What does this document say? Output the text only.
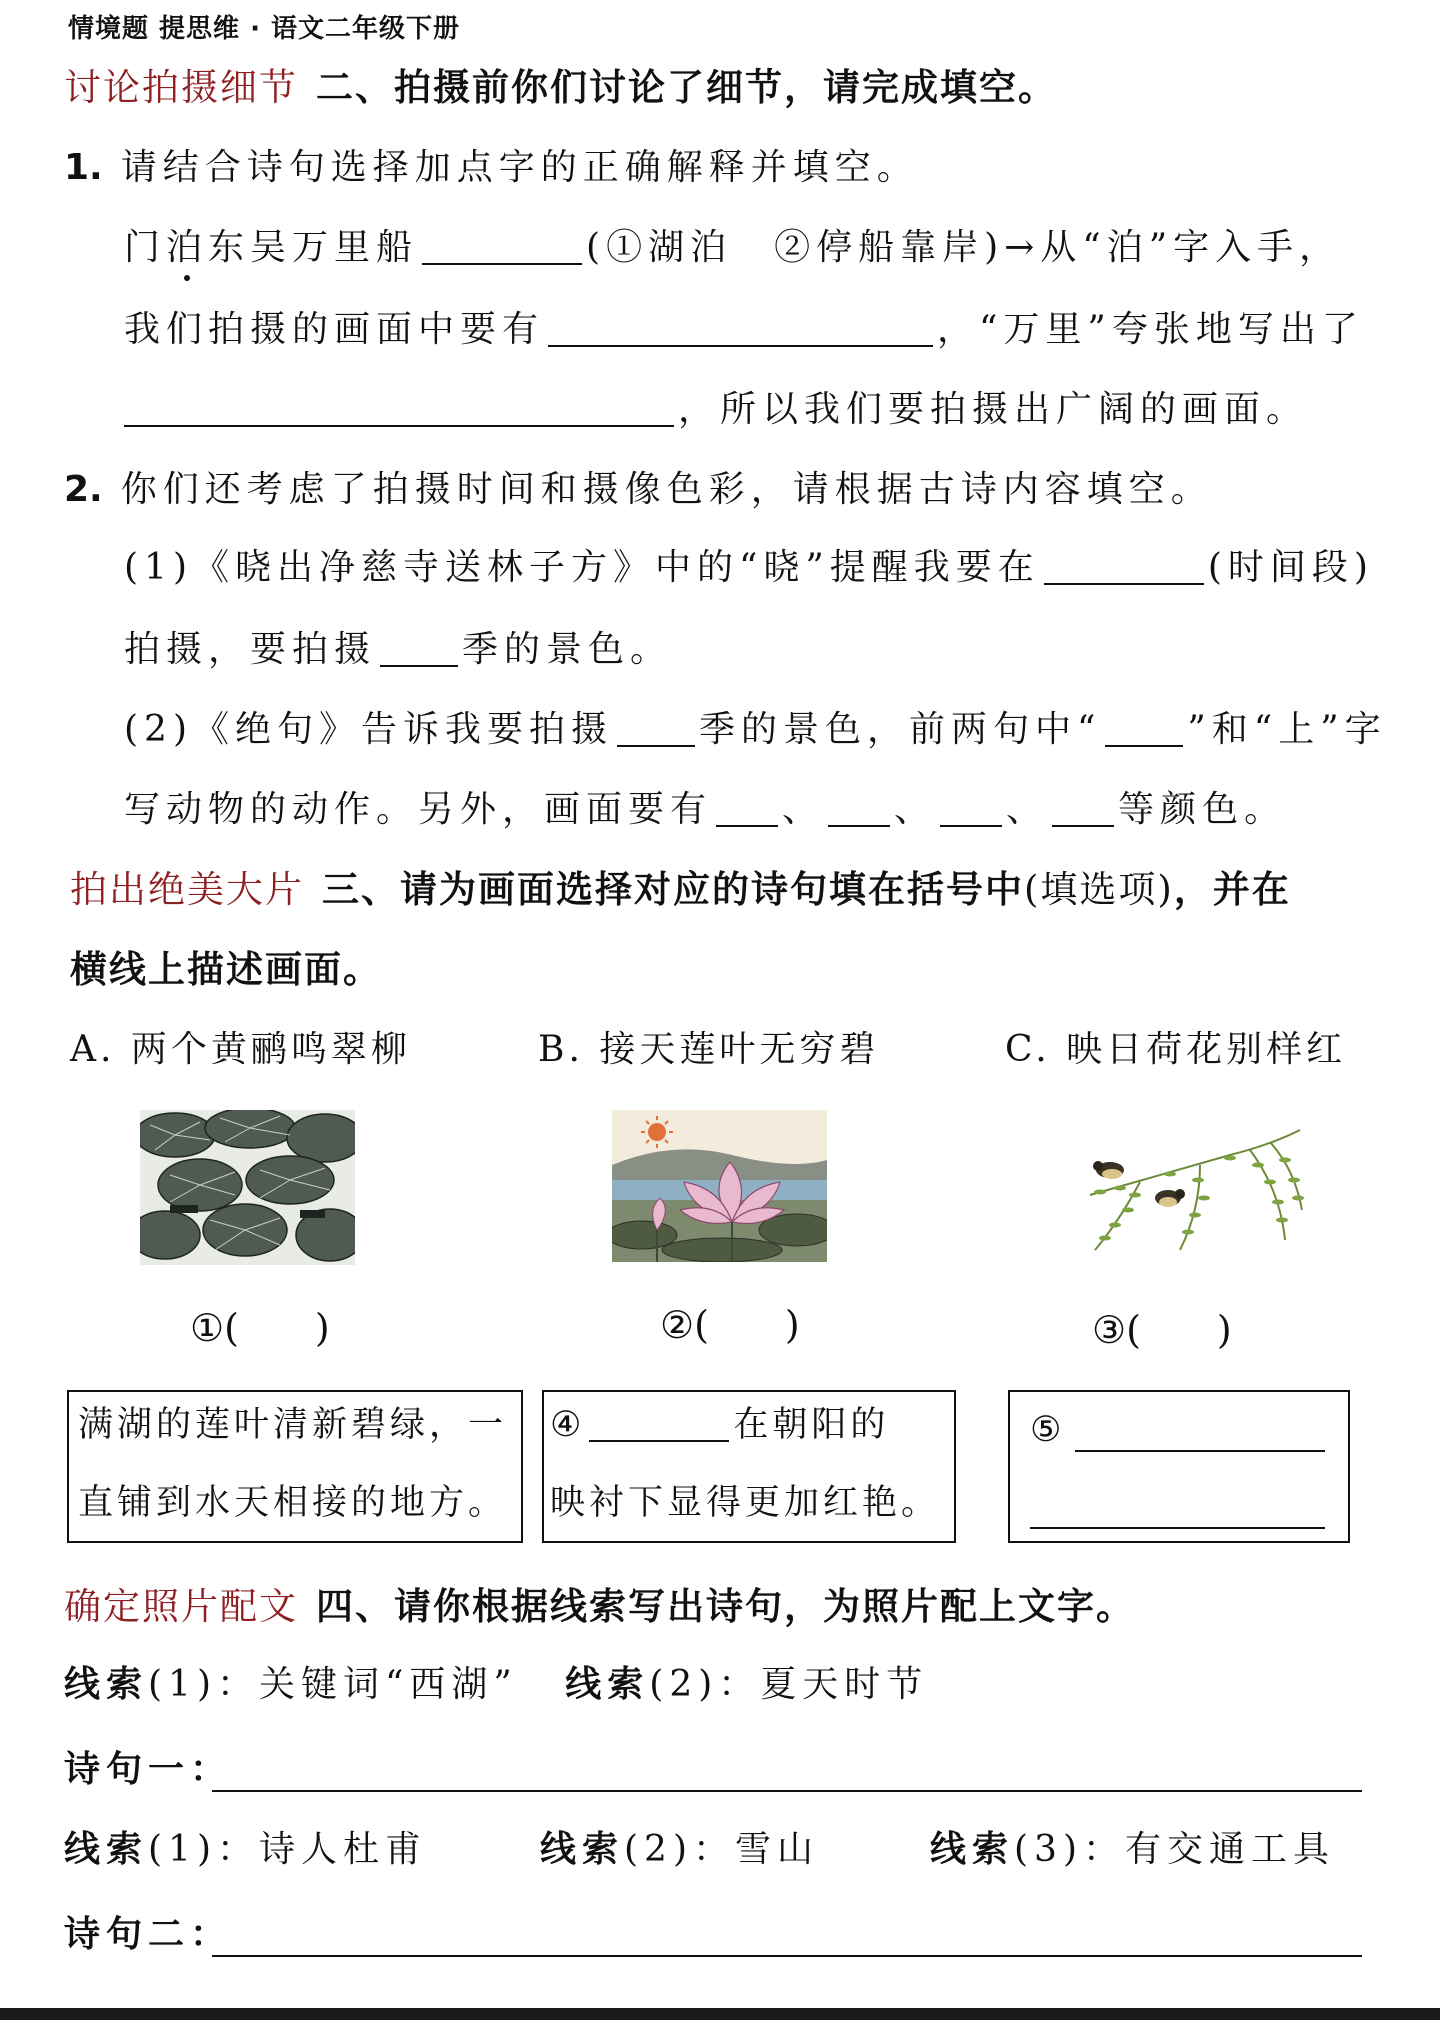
情境题 提思维 · 语文二年级下册
讨论拍摄细节 二、拍摄前你们讨论了细节，请完成填空。
1. 请结合诗句选择加点字的正确解释并填空。
门泊东吴万里船	(①湖泊　②停船靠岸)→从“泊”字入手，
我们拍摄的画面中要有	，“万里”夸张地写出了
，所以我们要拍摄出广阔的画面。
2. 你们还考虑了拍摄时间和摄像色彩，请根据古诗内容填空。
(1)《晓出净慈寺送林子方》中的“晓”提醒我要在	(时间段)
拍摄，要拍摄 季的景色。
(2)《绝句》告诉我要拍摄 季的景色，前两句中“ ”和“上”字
写动物的动作。另外，画面要有 、 、 、 等颜色。
拍出绝美大片 三、请为画面选择对应的诗句填在括号中(填选项)，并在
横线上描述画面。
A. 两个黄鹂鸣翠柳	B. 接天莲叶无穷碧	C. 映日荷花别样红
①(　　)	②(　　)	③(　　)
满湖的莲叶清新碧绿，一
直铺到水天相接的地方。
④	在朝阳的
映衬下显得更加红艳。
⑤
确定照片配文 四、请你根据线索写出诗句，为照片配上文字。
线索(1)：关键词“西湖” 线索(2)：夏天时节
诗句一：
线索(1)：诗人杜甫	线索(2)：雪山	线索(3)：有交通工具
诗句二：
